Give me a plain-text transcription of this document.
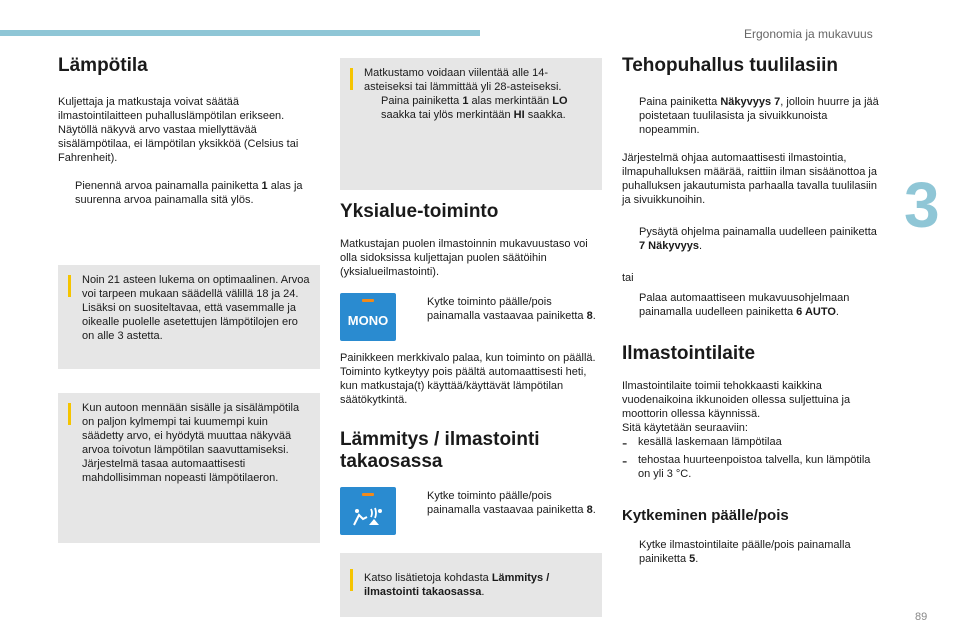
Ergonomia ja mukavuus
3
89
Lämpötila

Kuljettaja ja matkustaja voivat säätää ilmastointilaitteen puhalluslämpötilan erikseen. Näytöllä näkyvä arvo vastaa miellyttävää sisälämpötilaa, ei lämpötilan yksikköä (Celsius tai Fahrenheit).

Pienennä arvoa painamalla painiketta 1 alas ja suurenna arvoa painamalla sitä ylös.

Noin 21 asteen lukema on optimaalinen. Arvoa voi tarpeen mukaan säädellä välillä 18 ja 24.
Lisäksi on suositeltavaa, että vasemmalle ja oikealle puolelle asetettujen lämpötilojen ero on alle 3 astetta.

Kun autoon mennään sisälle ja sisälämpötila on paljon kylmempi tai kuumempi kuin säädetty arvo, ei hyödytä muuttaa näkyvää arvoa toivotun lämpötilan saavuttamiseksi. Järjestelmä tasaa automaattisesti mahdollisimman nopeasti lämpötilaeron.

Matkustamo voidaan viilentää alle 14-asteiseksi tai lämmittää yli 28-asteiseksi.

Paina painiketta 1 alas merkintään LO saakka tai ylös merkintään HI saakka.

Yksialue-toiminto

Matkustajan puolen ilmastoinnin mukavuustaso voi olla sidoksissa kuljettajan puolen säätöihin (yksialueilmastointi).

MONO

Kytke toiminto päälle/pois painamalla vastaavaa painiketta 8.

Painikkeen merkkivalo palaa, kun toiminto on päällä.
Toiminto kytkeytyy pois päältä automaattisesti heti, kun matkustaja(t) käyttää/käyttävät lämpötilan säätökytkintä.

Lämmitys / ilmastointi takaosassa

Kytke toiminto päälle/pois painamalla vastaavaa painiketta 8.

Katso lisätietoja kohdasta Lämmitys / ilmastointi takaosassa.

Tehopuhallus tuulilasiin

Paina painiketta Näkyvyys 7, jolloin huurre ja jää poistetaan tuulilasista ja sivuikkunoista nopeammin.

Järjestelmä ohjaa automaattisesti ilmastointia, ilmapuhalluksen määrää, raittiin ilman sisäänottoa ja puhalluksen jakautumista parhaalla tavalla tuulilasiin ja sivuikkunoihin.

Pysäytä ohjelma painamalla uudelleen painiketta 7 Näkyvyys.

tai

Palaa automaattiseen mukavuusohjelmaan painamalla uudelleen painiketta 6 AUTO.

Ilmastointilaite

Ilmastointilaite toimii tehokkaasti kaikkina vuodenaikoina ikkunoiden ollessa suljettuina ja moottorin ollessa käynnissä.
Sitä käytetään seuraaviin:

- kesällä laskemaan lämpötilaa

- tehostaa huurteenpoistoa talvella, kun lämpötila on yli 3 °C.

Kytkeminen päälle/pois

Kytke ilmastointilaite päälle/pois painamalla painiketta 5.
